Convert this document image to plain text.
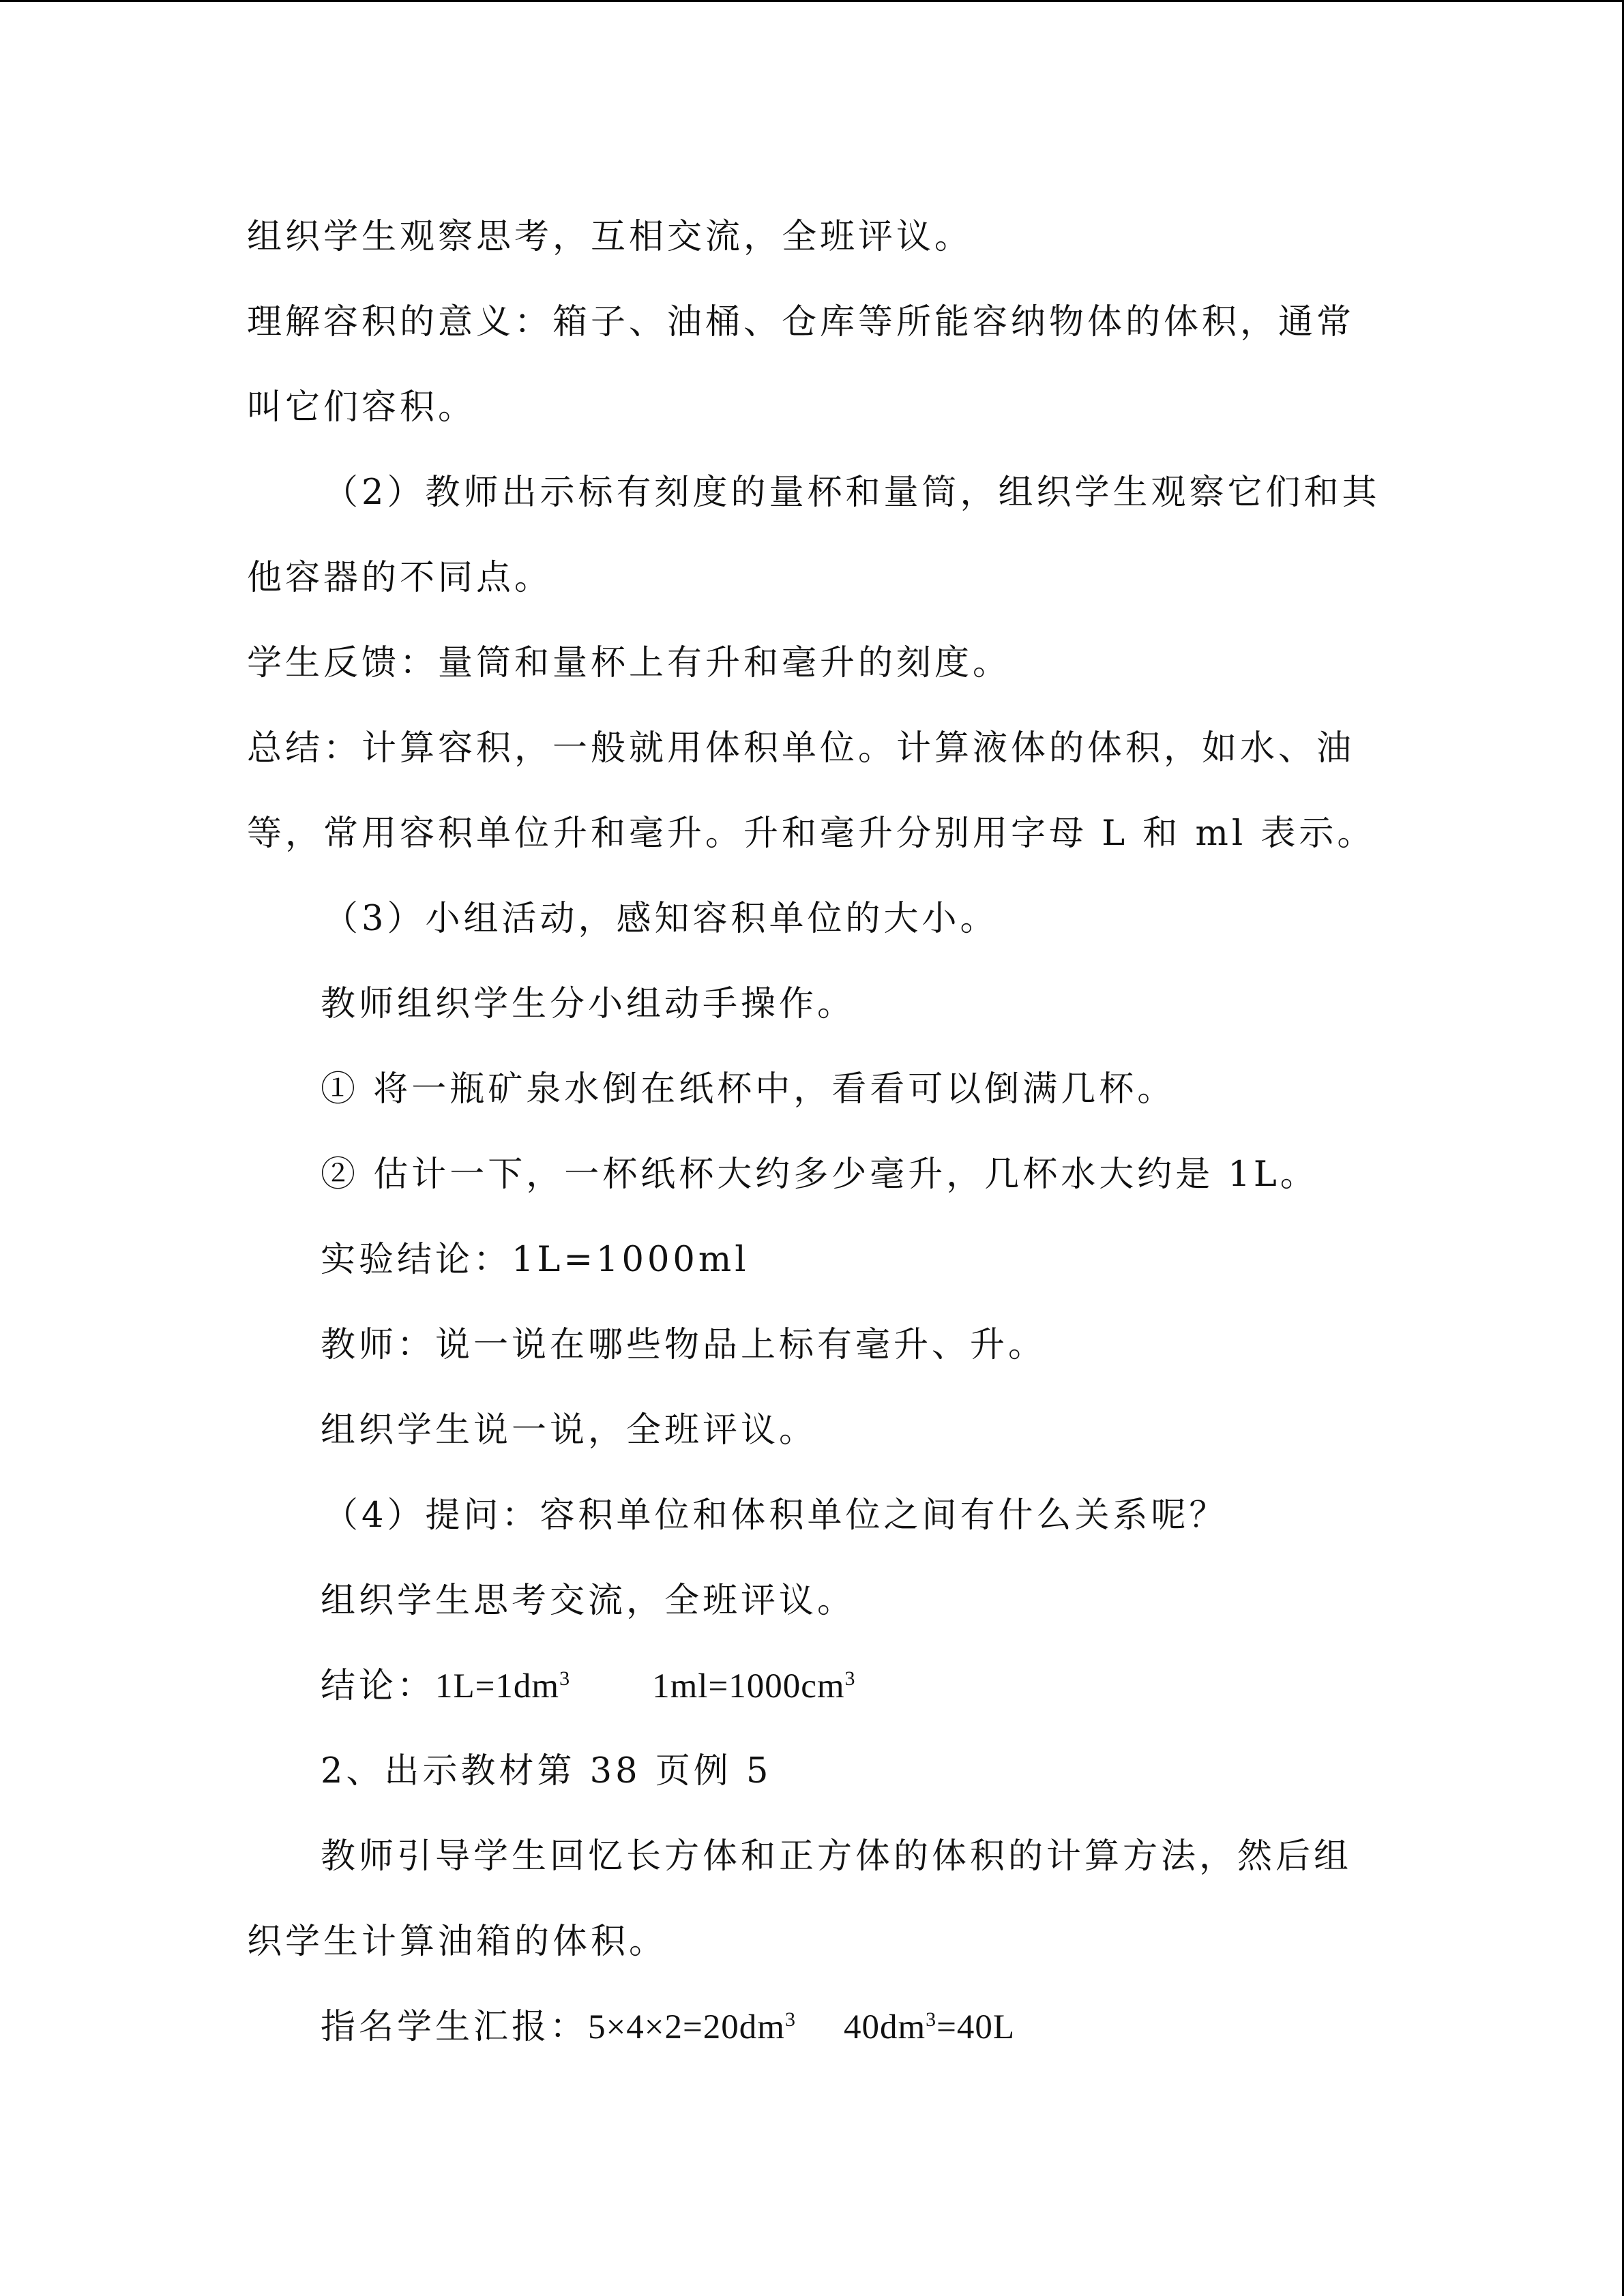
组织学生观察思考，互相交流，全班评议。

理解容积的意义：箱子、油桶、仓库等所能容纳物体的体积，通常

叫它们容积。

（2）教师出示标有刻度的量杯和量筒，组织学生观察它们和其

他容器的不同点。

学生反馈：量筒和量杯上有升和毫升的刻度。

总结：计算容积，一般就用体积单位。计算液体的体积，如水、油

等，常用容积单位升和毫升。升和毫升分别用字母 L 和 ml 表示。

（3）小组活动，感知容积单位的大小。

教师组织学生分小组动手操作。

① 将一瓶矿泉水倒在纸杯中，看看可以倒满几杯。

② 估计一下，一杯纸杯大约多少毫升，几杯水大约是 1L。

实验结论：1L=1000ml

教师：说一说在哪些物品上标有毫升、升。

组织学生说一说，全班评议。

（4）提问：容积单位和体积单位之间有什么关系呢？

组织学生思考交流，全班评议。

结论：$1L=1dm^3$ $1ml=1000cm^3$

2、出示教材第 38 页例 5

教师引导学生回忆长方体和正方体的体积的计算方法，然后组

织学生计算油箱的体积。

指名学生汇报：$5\times 4\times 2=20dm^3$ $40dm^3=40L$
